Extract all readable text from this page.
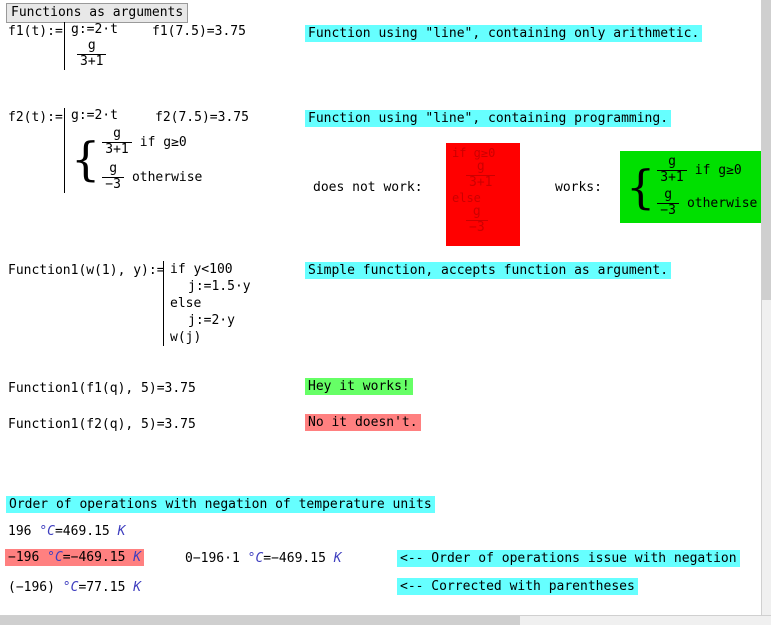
Functions as arguments
f1(t):= g:=2·t
$\frac{g}{3+1}$
f1(7.5)=3.75	Function using "line", containing only arithmetic.
f2(t):= g:=2·t
{ $\frac{g}{3+1}$ if g≥0
$\frac{g}{-3}$ otherwise
f2(7.5)=3.75	Function using "line", containing programming.
does not work:
if g≥0
$\frac{g}{3+1}$
else
$\frac{g}{-3}$
works: { $\frac{g}{3+1}$ if g≥0
$\frac{g}{-3}$ otherwise
Function1(w(1), y):= if y<100
j:=1.5·y
else
j:=2·y
w(j)
Simple function, accepts function as argument.
Function1(f1(q), 5)=3.75	Hey it works!
Function1(f2(q), 5)=3.75	No it doesn't.
Order of operations with negation of temperature units
196 °C=469.15 K
−196 °C=−469.15 K	0−196·1 °C=−469.15 K	<-- Order of operations issue with negation
(−196) °C=77.15 K	<-- Corrected with parentheses
